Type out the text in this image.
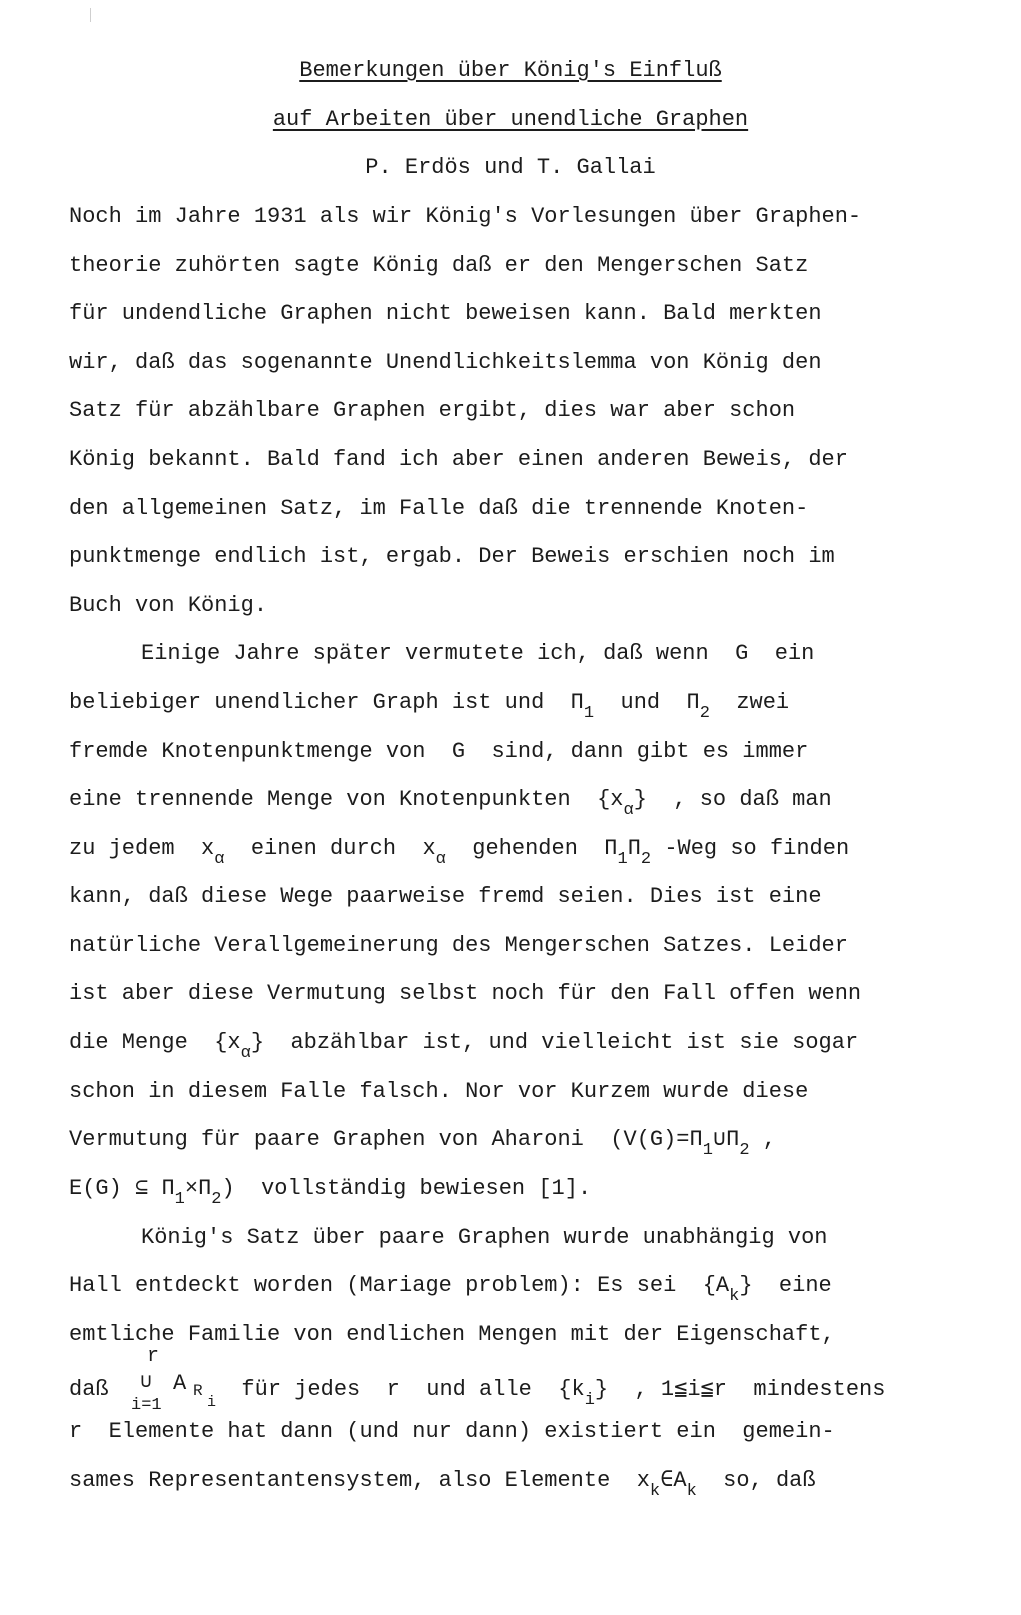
Bemerkungen über König's Einfluß
auf Arbeiten über unendliche Graphen
P. Erdös und T. Gallai
Noch im Jahre 1931 als wir König's Vorlesungen über Graphen-
theorie zuhörten sagte König daß er den Mengerschen Satz
für undendliche Graphen nicht beweisen kann. Bald merkten
wir, daß das sogenannte Unendlichkeitslemma von König den
Satz für abzählbare Graphen ergibt, dies war aber schon
König bekannt. Bald fand ich aber einen anderen Beweis, der
den allgemeinen Satz, im Falle daß die trennende Knoten-
punktmenge endlich ist, ergab. Der Beweis erschien noch im
Buch von König.
Einige Jahre später vermutete ich, daß wenn  G  ein
beliebiger unendlicher Graph ist und  $\Pi_1$  und  $\Pi_2$  zwei
fremde Knotenpunktmenge von  G  sind, dann gibt es immer
eine trennende Menge von Knotenpunkten  $\{x_\alpha\}$  , so daß man
zu jedem  $x_\alpha$  einen durch  $x_\alpha$  gehenden  $\Pi_1\Pi_2$ -Weg so finden
kann, daß diese Wege paarweise fremd seien. Dies ist eine
natürliche Verallgemeinerung des Mengerschen Satzes. Leider
ist aber diese Vermutung selbst noch für den Fall offen wenn
die Menge  $\{x_\alpha\}$  abzählbar ist, und vielleicht ist sie sogar
schon in diesem Falle falsch. Nor vor Kurzem wurde diese
Vermutung für paare Graphen von Aharoni  ($V(G)=\Pi_1\cup\Pi_2$ ,
E(G) ⊆ $\Pi_1\times\Pi_2$)  vollständig bewiesen [1].
König's Satz über paare Graphen wurde unabhängig von
Hall entdeckt worden (Mariage problem): Es sei  $\{A_k\}$  eine
emtliche Familie von endlichen Mengen mit der Eigenschaft,
daß
r
∪
i=1
A R
i
für jedes  r  und alle  $\{k_i\}$  , 1≦i≦r  mindestens
r  Elemente hat dann (und nur dann) existiert ein  gemein-
sames Representantensystem, also Elemente  $x_k\in A_k$  so, daß
